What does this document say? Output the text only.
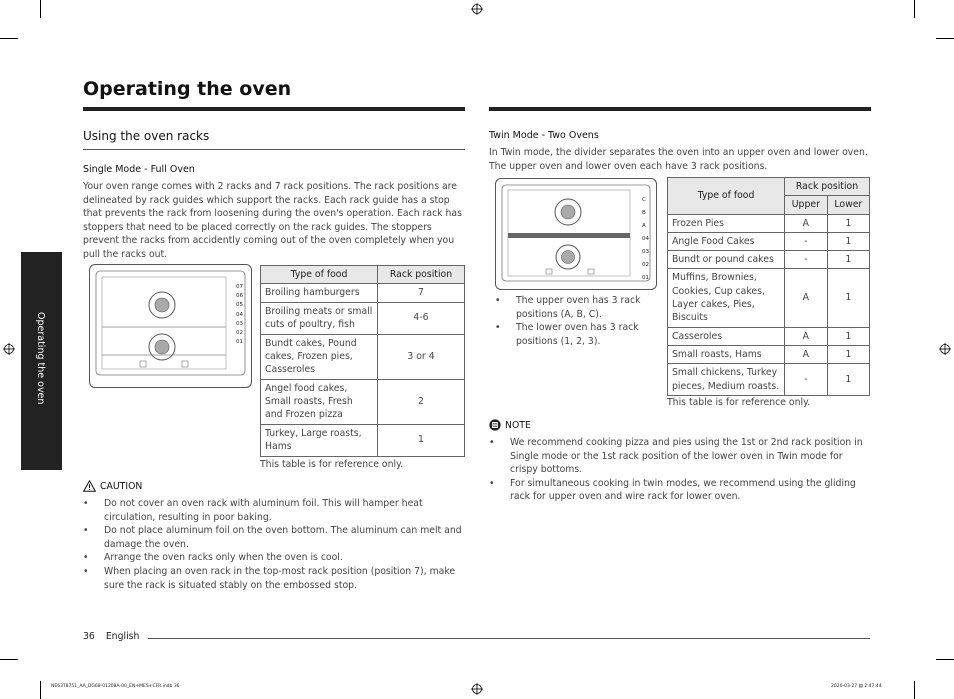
Operating the oven
Operating the oven
Using the oven racks
Single Mode - Full Oven
Your oven range comes with 2 racks and 7 rack positions. The rack positions are delineated by rack guides which support the racks. Each rack guide has a stop that prevents the rack from loosening during the oven's operation. Each rack has stoppers that need to be placed correctly on the rack guides. The stoppers prevent the racks from accidently coming out of the oven completely when you pull the racks out.
07
06
05
04
03
02
01
Type of food	Rack position
Broiling hamburgers	7
Broiling meats or small cuts of poultry, fish	4-6
Bundt cakes, Pound cakes, Frozen pies, Casseroles	3 or 4
Angel food cakes, Small roasts, Fresh and Frozen pizza	2
Turkey, Large roasts, Hams	1
This table is for reference only.
CAUTION
• Do not cover an oven rack with aluminum foil. This will hamper heat circulation, resulting in poor baking.
• Do not place aluminum foil on the oven bottom. The aluminum can melt and damage the oven.
• Arrange the oven racks only when the oven is cool.
• When placing an oven rack in the top-most rack position (position 7), make sure the rack is situated stably on the embossed stop.
Twin Mode - Two Ovens
In Twin mode, the divider separates the oven into an upper oven and lower oven. The upper oven and lower oven each have 3 rack positions.
C
B
A
04
03
02
01
• The upper oven has 3 rack positions (A, B, C).
• The lower oven has 3 rack positions (1, 2, 3).
Type of food	Rack position	
	Upper	Lower
Frozen Pies	A	1
Angle Food Cakes	-	1
Bundt or pound cakes	-	1
Muffins, Brownies, Cookies, Cup cakes, Layer cakes, Pies, Biscuits	A	1
Casseroles	A	1
Small roasts, Hams	A	1
Small chickens, Turkey pieces, Medium roasts.	-	1
This table is for reference only.
NOTE
• We recommend cooking pizza and pies using the 1st or 2nd rack position in Single mode or the 1st rack position of the lower oven in Twin mode for crispy bottoms.
• For simultaneous cooking in twin modes, we recommend using the gliding rack for upper oven and wire rack for lower oven.
36 English
NE63T8751_AA_DG68-01208A-00_EN+MES+CFR.indb 36	2020-03-27 ▤ 2:47:44
